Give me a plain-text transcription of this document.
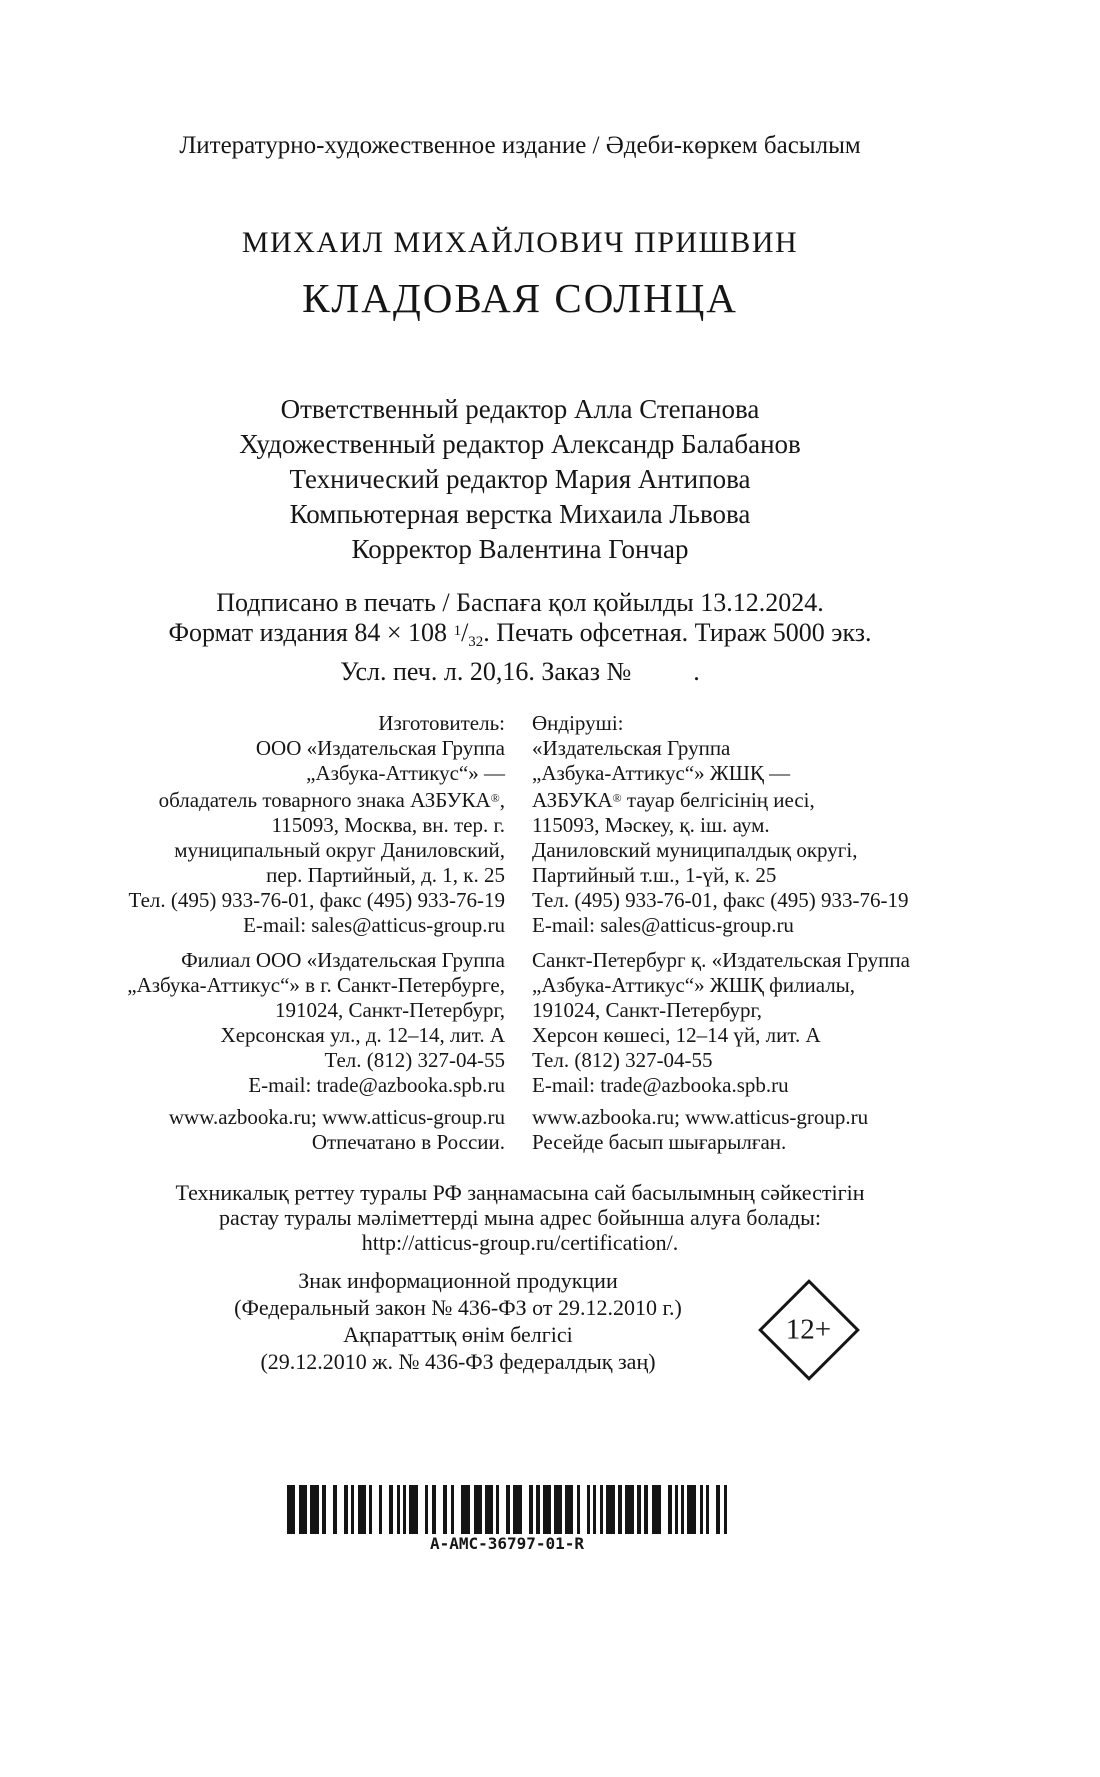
Литературно-художественное издание / Әдеби-көркем басылым
МИХАИЛ МИХАЙЛОВИЧ ПРИШВИН
КЛАДОВАЯ СОЛНЦА
Ответственный редактор Алла Степанова
Художественный редактор Александр Балабанов
Технический редактор Мария Антипова
Компьютерная верстка Михаила Львова
Корректор Валентина Гончар
Подписано в печать / Баспаға қол қойылды 13.12.2024.
Формат издания 84 × 108 $^1/_{32}$. Печать офсетная. Тираж 5000 экз.
Усл. печ. л. 20,16. Заказ № .
Изготовитель:
ООО «Издательская Группа
„Азбука-Аттикус“» —
обладатель товарного знака АЗБУКА®,
115093, Москва, вн. тер. г.
муниципальный округ Даниловский,
пер. Партийный, д. 1, к. 25
Тел. (495) 933-76-01, факс (495) 933-76-19
E-mail: sales@atticus-group.ru
Филиал ООО «Издательская Группа
„Азбука-Аттикус“» в г. Санкт-Петербурге,
191024, Санкт-Петербург,
Херсонская ул., д. 12–14, лит. А
Тел. (812) 327-04-55
E-mail: trade@azbooka.spb.ru
www.azbooka.ru; www.atticus-group.ru
Отпечатано в России.
Өндіруші:
«Издательская Группа
„Азбука-Аттикус“» ЖШҚ —
АЗБУКА® тауар белгісінің иесі,
115093, Мәскеу, қ. іш. аум.
Даниловский муниципалдық округі,
Партийный т.ш., 1-үй, к. 25
Тел. (495) 933-76-01, факс (495) 933-76-19
E-mail: sales@atticus-group.ru
Санкт-Петербург қ. «Издательская Группа
„Азбука-Аттикус“» ЖШҚ филиалы,
191024, Санкт-Петербург,
Херсон көшесі, 12–14 үй, лит. А
Тел. (812) 327-04-55
E-mail: trade@azbooka.spb.ru
www.azbooka.ru; www.atticus-group.ru
Ресейде басып шығарылған.
Техникалық реттеу туралы РФ заңнамасына сай басылымның сәйкестігін
растау туралы мәліметтерді мына адрес бойынша алуға болады:
http://atticus-group.ru/certification/.
Знак информационной продукции
(Федеральный закон № 436-ФЗ от 29.12.2010 г.)
Ақпараттық өнім белгісі
(29.12.2010 ж. № 436-ФЗ федералдық заң)
12+
A-AMC-36797-01-R
